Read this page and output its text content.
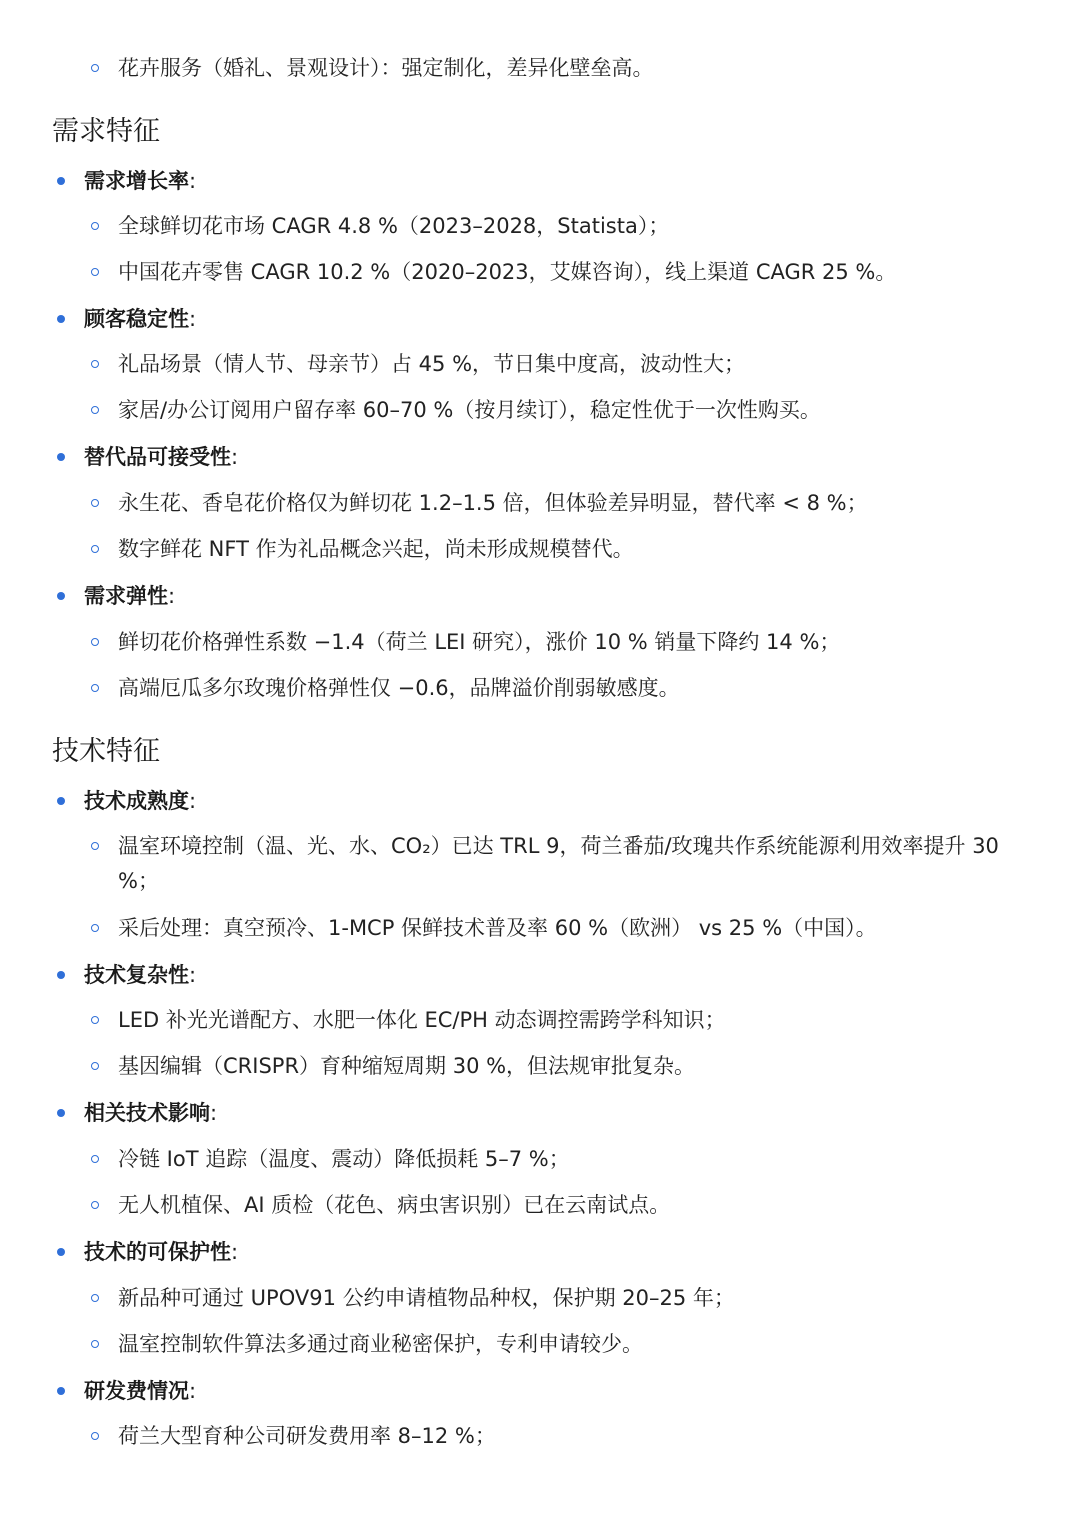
花卉服务（婚礼、景观设计）：强定制化，差异化壁垒高。
需求特征
需求增长率:
全球鲜切花市场 CAGR 4.8 %（2023–2028，Statista）；
中国花卉零售 CAGR 10.2 %（2020–2023，艾媒咨询），线上渠道 CAGR 25 %。
顾客稳定性:
礼品场景（情人节、母亲节）占 45 %，节日集中度高，波动性大；
家居/办公订阅用户留存率 60–70 %（按月续订），稳定性优于一次性购买。
替代品可接受性:
永生花、香皂花价格仅为鲜切花 1.2–1.5 倍，但体验差异明显，替代率 < 8 %；
数字鲜花 NFT 作为礼品概念兴起，尚未形成规模替代。
需求弹性:
鲜切花价格弹性系数 −1.4（荷兰 LEI 研究），涨价 10 % 销量下降约 14 %；
高端厄瓜多尔玫瑰价格弹性仅 −0.6，品牌溢价削弱敏感度。
技术特征
技术成熟度:
温室环境控制（温、光、水、CO₂）已达 TRL 9，荷兰番茄/玫瑰共作系统能源利用效率提升 30 %；
采后处理：真空预冷、1-MCP 保鲜技术普及率 60 %（欧洲） vs 25 %（中国）。
技术复杂性:
LED 补光光谱配方、水肥一体化 EC/PH 动态调控需跨学科知识；
基因编辑（CRISPR）育种缩短周期 30 %，但法规审批复杂。
相关技术影响:
冷链 IoT 追踪（温度、震动）降低损耗 5–7 %；
无人机植保、AI 质检（花色、病虫害识别）已在云南试点。
技术的可保护性:
新品种可通过 UPOV91 公约申请植物品种权，保护期 20–25 年；
温室控制软件算法多通过商业秘密保护，专利申请较少。
研发费情况:
荷兰大型育种公司研发费用率 8–12 %；
